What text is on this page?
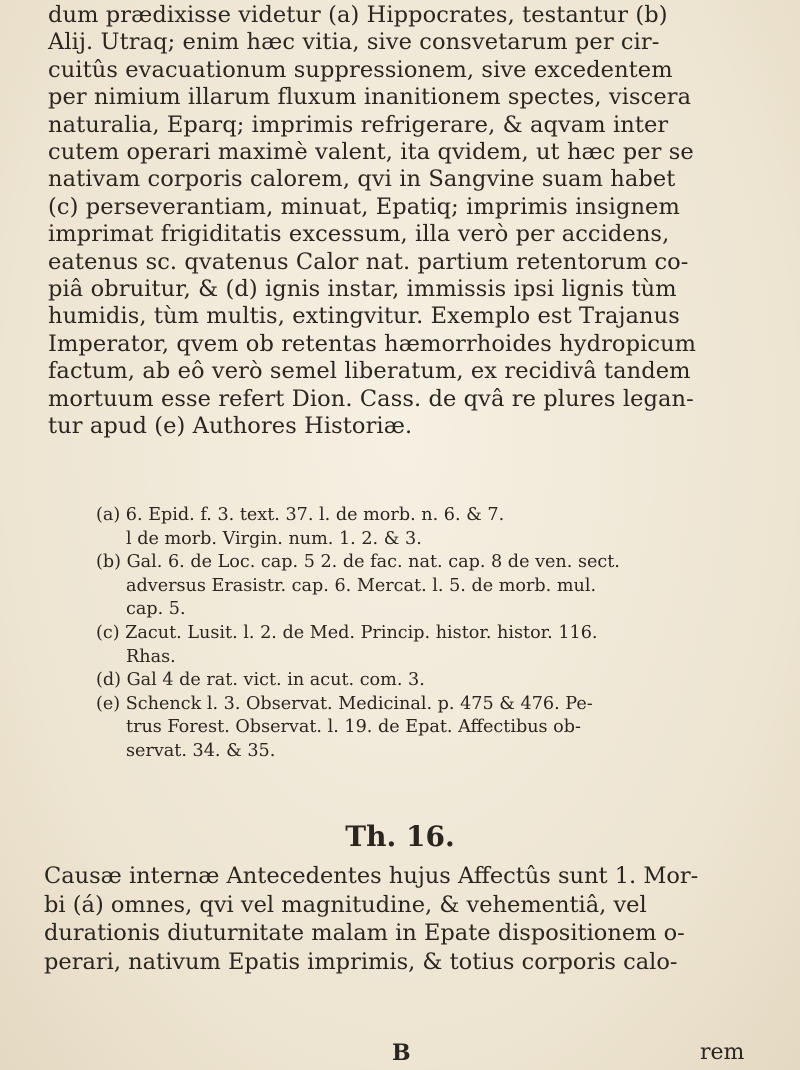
dum prædixisse videtur (a) Hippocrates, testantur (b)
Alij. Utraq; enim hæc vitia, sive consvetarum per cir-
cuitûs evacuationum suppressionem, sive excedentem
per nimium illarum fluxum inanitionem spectes, viscera
naturalia, Eparq; imprimis refrigerare, & aqvam inter
cutem operari maximè valent, ita qvidem, ut hæc per se
nativam corporis calorem, qvi in Sangvine suam habet
(c) perseverantiam, minuat, Epatiq; imprimis insignem
imprimat frigiditatis excessum, illa verò per accidens,
eatenus sc. qvatenus Calor nat. partium retentorum co-
piâ obruitur, & (d) ignis instar, immissis ipsi lignis tùm
humidis, tùm multis, extingvitur. Exemplo est Trajanus
Imperator, qvem ob retentas hæmorrhoides hydropicum
factum, ab eô verò semel liberatum, ex recidivâ tandem
mortuum esse refert Dion. Cass. de qvâ re plures legan-
tur apud (e) Authores Historiæ.
(a) 6. Epid. f. 3. text. 37. l. de morb. n. 6. & 7.
l de morb. Virgin. num. 1. 2. & 3.
(b) Gal. 6. de Loc. cap. 5 2. de fac. nat. cap. 8 de ven. sect.
adversus Erasistr. cap. 6. Mercat. l. 5. de morb. mul.
cap. 5.
(c) Zacut. Lusit. l. 2. de Med. Princip. histor. histor. 116.
Rhas.
(d) Gal 4 de rat. vict. in acut. com. 3.
(e) Schenck l. 3. Observat. Medicinal. p. 475 & 476. Pe-
trus Forest. Observat. l. 19. de Epat. Affectibus ob-
servat. 34. & 35.
Th. 16.
Causæ internæ Antecedentes hujus Affectûs sunt 1. Mor-
bi (á) omnes, qvi vel magnitudine, & vehementiâ, vel
durationis diuturnitate malam in Epate dispositionem o-
perari, nativum Epatis imprimis, & totius corporis calo-
B	rem
